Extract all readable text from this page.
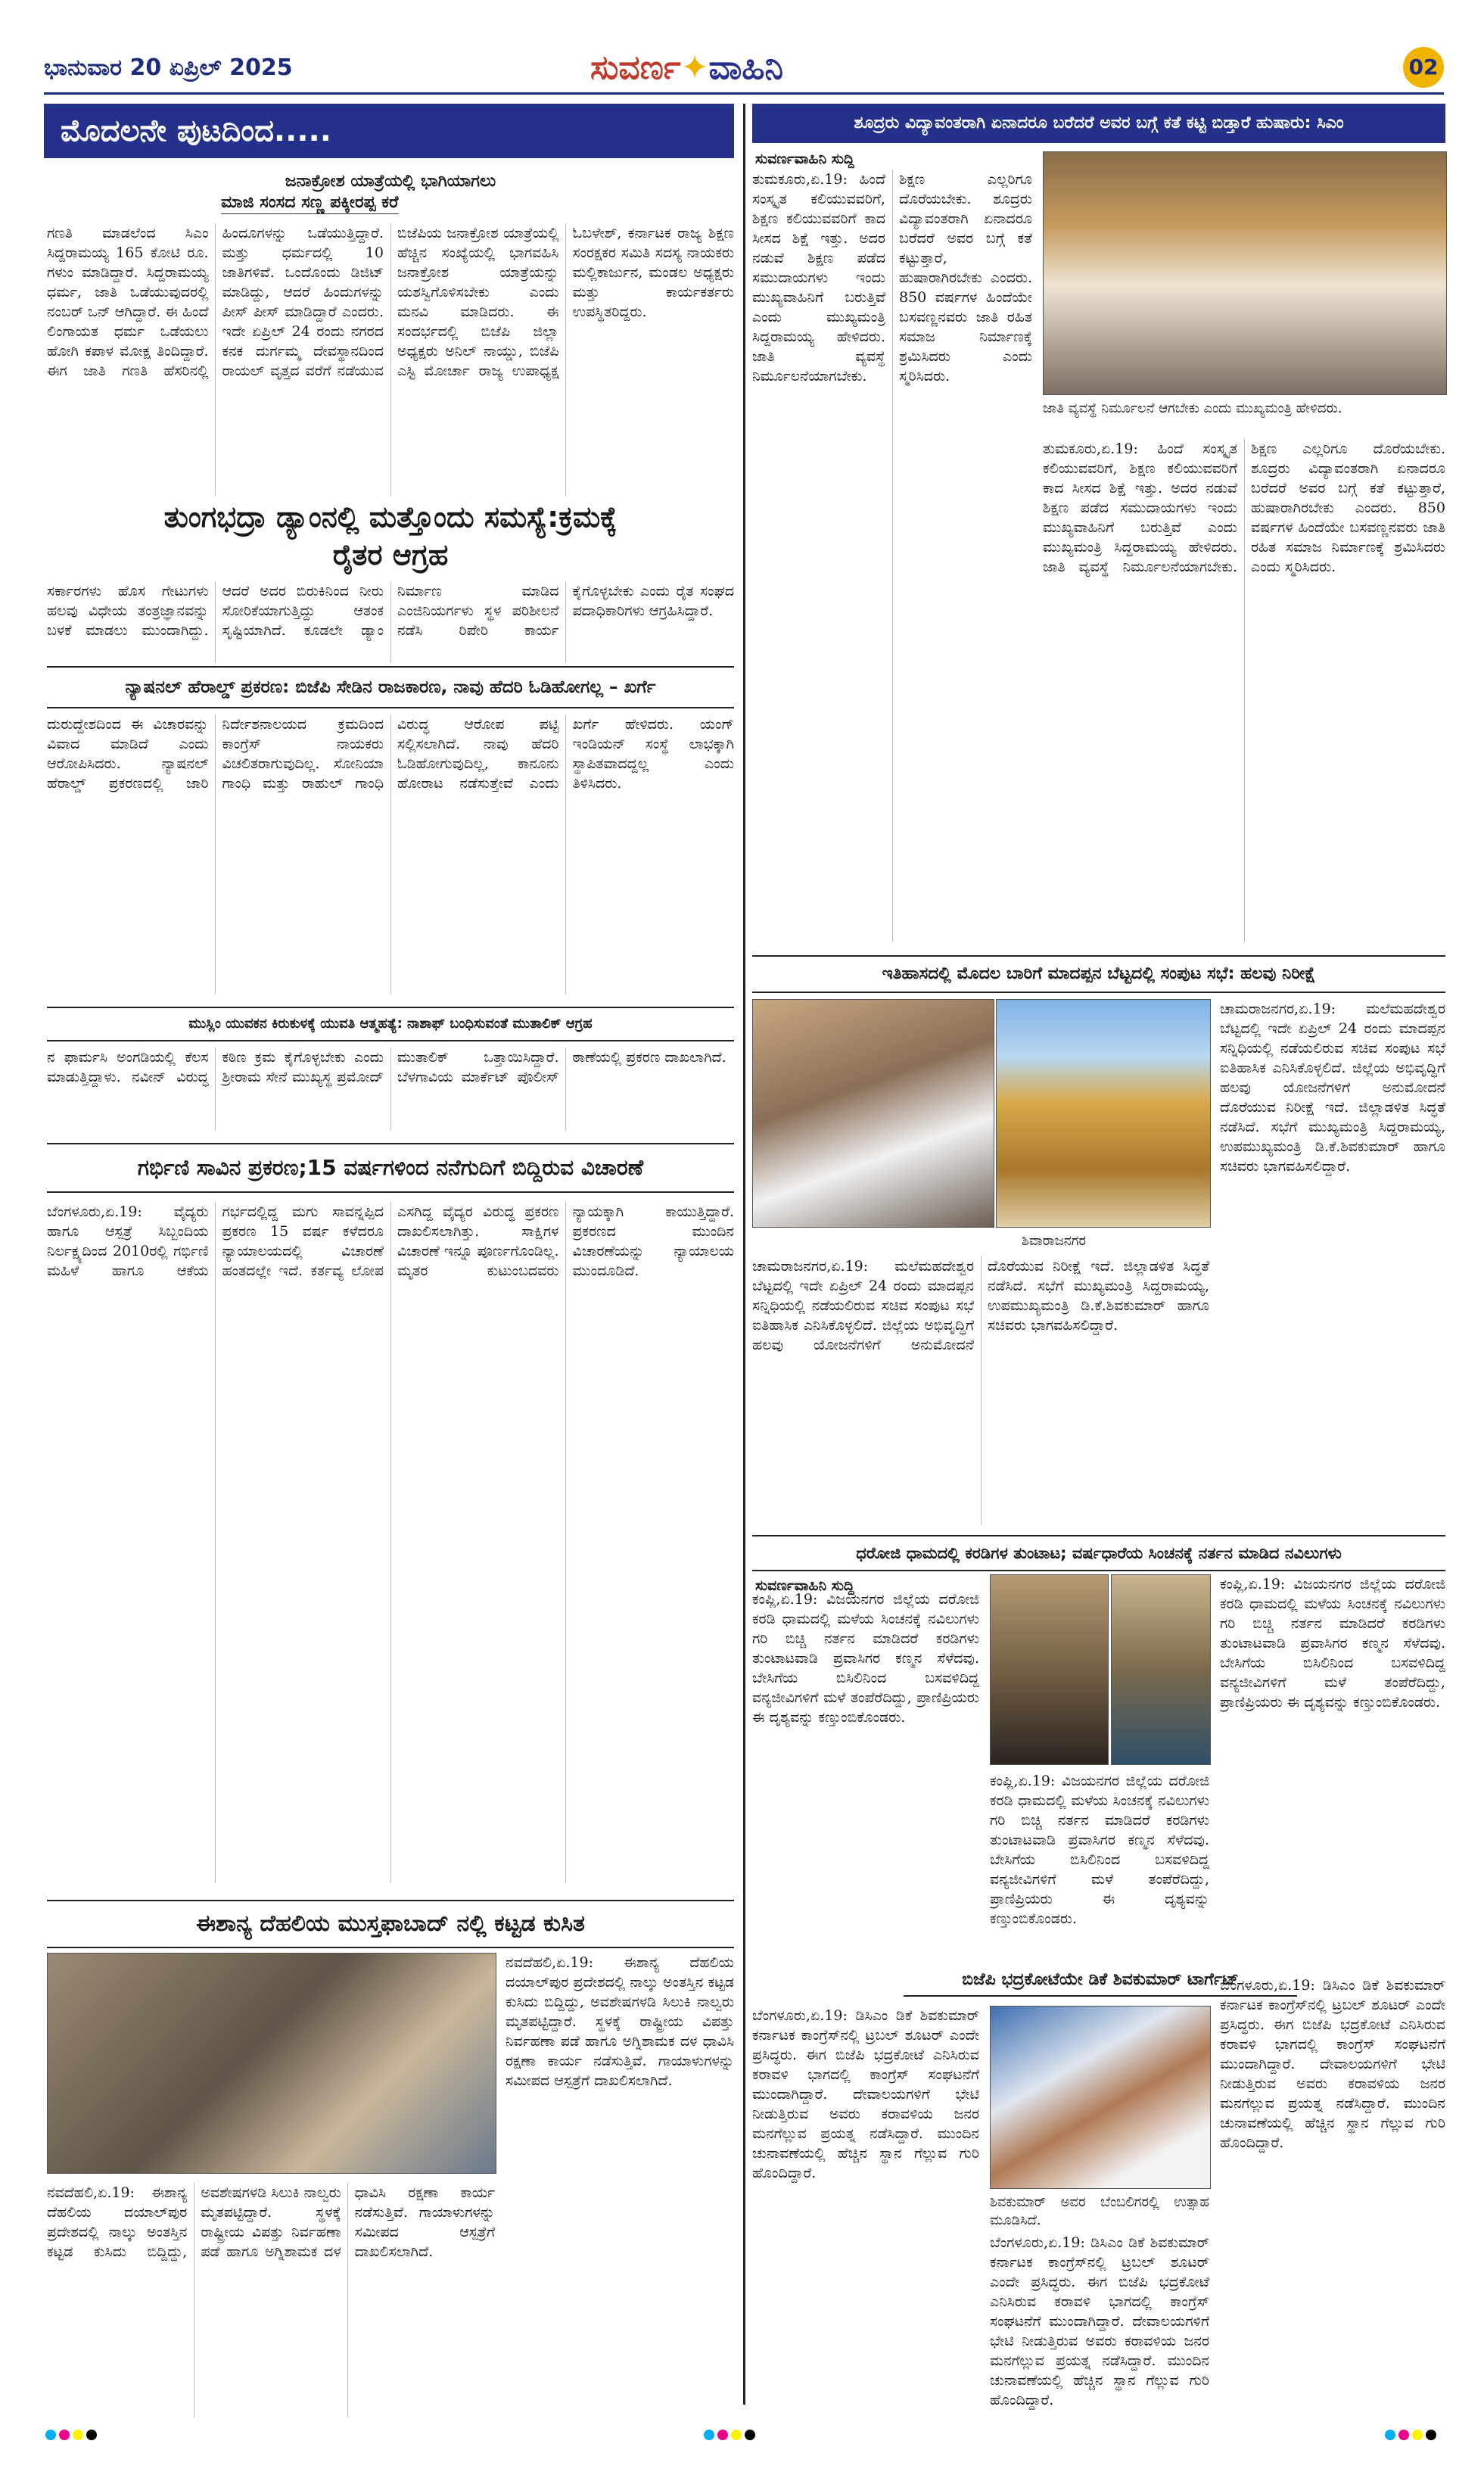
ಭಾನುವಾರ 20 ಏಪ್ರಿಲ್ 2025	ಸುವರ್ಣ✦ವಾಹಿನಿ	02
ಮೊದಲನೇ ಪುಟದಿಂದ.....
ಜನಾಕ್ರೋಶ ಯಾತ್ರೆಯಲ್ಲಿ ಭಾಗಿಯಾಗಲು
ಮಾಜಿ ಸಂಸದ ಸಣ್ಣ ಪಕ್ಕೀರಪ್ಪ ಕರೆ
ಗಣತಿ ಮಾಡಲೆಂದ ಸಿಎಂ ಸಿದ್ದರಾಮಯ್ಯ 165 ಕೋಟಿ ರೂ. ಗಳುಂ ಮಾಡಿದ್ದಾರೆ. ಸಿದ್ದರಾಮಯ್ಯ ಧರ್ಮ, ಜಾತಿ ಒಡೆಯುವುದರಲ್ಲಿ ನಂಬರ್ ಒನ್ ಆಗಿದ್ದಾರೆ. ಈ ಹಿಂದೆ ಲಿಂಗಾಯತ ಧರ್ಮ ಒಡೆಯಲು ಹೋಗಿ ಕಪಾಳ ಮೋಕ್ಷ ತಿಂದಿದ್ದಾರೆ. ಈಗ ಜಾತಿ ಗಣತಿ ಹೆಸರಿನಲ್ಲಿ ಹಿಂದೂಗಳನ್ನು ಒಡೆಯುತ್ತಿದ್ದಾರೆ. ಮತ್ತು ಧರ್ಮದಲ್ಲಿ 10 ಜಾತಿಗಳಿವೆ. ಒಂದೊಂದು ಡಿಜಿಟ್ ಮಾಡಿದ್ದು, ಆದರೆ ಹಿಂದುಗಳನ್ನು ಪೀಸ್ ಪೀಸ್ ಮಾಡಿದ್ದಾರೆ ಎಂದರು. ಇದೇ ಏಪ್ರಿಲ್ 24 ರಂದು ನಗರದ ಕನಕ ದುರ್ಗಮ್ಮ ದೇವಸ್ಥಾನದಿಂದ ರಾಯಲ್ ವೃತ್ತದ ವರೆಗೆ ನಡೆಯುವ ಬಿಜೆಪಿಯ ಜನಾಕ್ರೋಶ ಯಾತ್ರೆಯಲ್ಲಿ ಹೆಚ್ಚಿನ ಸಂಖ್ಯೆಯಲ್ಲಿ ಭಾಗವಹಿಸಿ ಜನಾಕ್ರೋಶ ಯಾತ್ರೆಯನ್ನು ಯಶಸ್ವಿಗೊಳಿಸಬೇಕು ಎಂದು ಮನವಿ ಮಾಡಿದರು. ಈ ಸಂದರ್ಭದಲ್ಲಿ ಬಿಜೆಪಿ ಜಿಲ್ಲಾ ಅಧ್ಯಕ್ಷರು ಅನಿಲ್ ನಾಯ್ಡು, ಬಿಜೆಪಿ ಎಸ್ಟಿ ಮೋರ್ಚಾ ರಾಜ್ಯ ಉಪಾಧ್ಯಕ್ಷ ಓಬಳೇಶ್, ಕರ್ನಾಟಕ ರಾಜ್ಯ ಶಿಕ್ಷಣ ಸಂರಕ್ಷಕರ ಸಮಿತಿ ಸದಸ್ಯ ನಾಯಕರು ಮಲ್ಲಿಕಾರ್ಜುನ, ಮಂಡಲ ಅಧ್ಯಕ್ಷರು ಮತ್ತು ಕಾರ್ಯಕರ್ತರು ಉಪಸ್ಥಿತರಿದ್ದರು.
ತುಂಗಭದ್ರಾ ಡ್ಯಾಂನಲ್ಲಿ ಮತ್ತೊಂದು ಸಮಸ್ಯೆ:ಕ್ರಮಕ್ಕೆ ರೈತರ ಆಗ್ರಹ
ಸರ್ಕಾರಗಳು ಹೊಸ ಗೇಟುಗಳು ಹಲವು ವಿಧೇಯ ತಂತ್ರಜ್ಞಾನವನ್ನು ಬಳಕೆ ಮಾಡಲು ಮುಂದಾಗಿದ್ದು. ಆದರೆ ಅದರ ಬಿರುಕಿನಿಂದ ನೀರು ಸೋರಿಕೆಯಾಗುತ್ತಿದ್ದು ಆತಂಕ ಸೃಷ್ಟಿಯಾಗಿದೆ. ಕೂಡಲೇ ಡ್ಯಾಂ ನಿರ್ಮಾಣ ಮಾಡಿದ ಎಂಜಿನಿಯರ್ಗಳು ಸ್ಥಳ ಪರಿಶೀಲನೆ ನಡೆಸಿ ರಿಪೇರಿ ಕಾರ್ಯ ಕೈಗೊಳ್ಳಬೇಕು ಎಂದು ರೈತ ಸಂಘದ ಪದಾಧಿಕಾರಿಗಳು ಆಗ್ರಹಿಸಿದ್ದಾರೆ.
ನ್ಯಾಷನಲ್ ಹೆರಾಲ್ಡ್ ಪ್ರಕರಣ: ಬಿಜೆಪಿ ಸೇಡಿನ ರಾಜಕಾರಣ, ನಾವು ಹೆದರಿ ಓಡಿಹೋಗಲ್ಲ – ಖರ್ಗೆ
ದುರುದ್ದೇಶದಿಂದ ಈ ವಿಚಾರವನ್ನು ವಿವಾದ ಮಾಡಿದೆ ಎಂದು ಆರೋಪಿಸಿದರು. ನ್ಯಾಷನಲ್ ಹೆರಾಲ್ಡ್ ಪ್ರಕರಣದಲ್ಲಿ ಜಾರಿ ನಿರ್ದೇಶನಾಲಯದ ಕ್ರಮದಿಂದ ಕಾಂಗ್ರೆಸ್ ನಾಯಕರು ವಿಚಲಿತರಾಗುವುದಿಲ್ಲ. ಸೋನಿಯಾ ಗಾಂಧಿ ಮತ್ತು ರಾಹುಲ್ ಗಾಂಧಿ ವಿರುದ್ಧ ಆರೋಪ ಪಟ್ಟಿ ಸಲ್ಲಿಸಲಾಗಿದೆ. ನಾವು ಹೆದರಿ ಓಡಿಹೋಗುವುದಿಲ್ಲ, ಕಾನೂನು ಹೋರಾಟ ನಡೆಸುತ್ತೇವೆ ಎಂದು ಖರ್ಗೆ ಹೇಳಿದರು. ಯಂಗ್ ಇಂಡಿಯನ್ ಸಂಸ್ಥೆ ಲಾಭಕ್ಕಾಗಿ ಸ್ಥಾಪಿತವಾದದ್ದಲ್ಲ ಎಂದು ತಿಳಿಸಿದರು.
ಮುಸ್ಲಿಂ ಯುವಕನ ಕಿರುಕುಳಕ್ಕೆ ಯುವತಿ ಆತ್ಮಹತ್ಯೆ: ನಾಶಾಫ್ ಬಂಧಿಸುವಂತೆ ಮುತಾಲಿಕ್ ಆಗ್ರಹ
ನ ಫಾರ್ಮಸಿ ಅಂಗಡಿಯಲ್ಲಿ ಕೆಲಸ ಮಾಡುತ್ತಿದ್ದಾಳು. ನವೀನ್ ವಿರುದ್ಧ ಕಠಿಣ ಕ್ರಮ ಕೈಗೊಳ್ಳಬೇಕು ಎಂದು ಶ್ರೀರಾಮ ಸೇನೆ ಮುಖ್ಯಸ್ಥ ಪ್ರಮೋದ್ ಮುತಾಲಿಕ್ ಒತ್ತಾಯಿಸಿದ್ದಾರೆ. ಬೆಳಗಾವಿಯ ಮಾರ್ಕೆಟ್ ಪೊಲೀಸ್ ಠಾಣೆಯಲ್ಲಿ ಪ್ರಕರಣ ದಾಖಲಾಗಿದೆ.
ಗರ್ಭಿಣಿ ಸಾವಿನ ಪ್ರಕರಣ;15 ವರ್ಷಗಳಿಂದ ನನೆಗುದಿಗೆ ಬಿದ್ದಿರುವ ವಿಚಾರಣೆ
ಬೆಂಗಳೂರು,ಏ.19: ವೈದ್ಯರು ಹಾಗೂ ಆಸ್ಪತ್ರೆ ಸಿಬ್ಬಂದಿಯ ನಿರ್ಲಕ್ಷ್ಯದಿಂದ 2010ರಲ್ಲಿ ಗರ್ಭಿಣಿ ಮಹಿಳೆ ಹಾಗೂ ಆಕೆಯ ಗರ್ಭದಲ್ಲಿದ್ದ ಮಗು ಸಾವನ್ನಪ್ಪಿದ ಪ್ರಕರಣ 15 ವರ್ಷ ಕಳೆದರೂ ನ್ಯಾಯಾಲಯದಲ್ಲಿ ವಿಚಾರಣೆ ಹಂತದಲ್ಲೇ ಇದೆ. ಕರ್ತವ್ಯ ಲೋಪ ಎಸಗಿದ್ದ ವೈದ್ಯರ ವಿರುದ್ಧ ಪ್ರಕರಣ ದಾಖಲಿಸಲಾಗಿತ್ತು. ಸಾಕ್ಷಿಗಳ ವಿಚಾರಣೆ ಇನ್ನೂ ಪೂರ್ಣಗೊಂಡಿಲ್ಲ. ಮೃತರ ಕುಟುಂಬದವರು ನ್ಯಾಯಕ್ಕಾಗಿ ಕಾಯುತ್ತಿದ್ದಾರೆ. ಪ್ರಕರಣದ ಮುಂದಿನ ವಿಚಾರಣೆಯನ್ನು ನ್ಯಾಯಾಲಯ ಮುಂದೂಡಿದೆ.
ಈಶಾನ್ಯ ದೆಹಲಿಯ ಮುಸ್ತಫಾಬಾದ್ ನಲ್ಲಿ ಕಟ್ಟಡ ಕುಸಿತ
ನವದೆಹಲಿ,ಏ.19: ಈಶಾನ್ಯ ದೆಹಲಿಯ ದಯಾಲ್‌ಪುರ ಪ್ರದೇಶದಲ್ಲಿ ನಾಲ್ಕು ಅಂತಸ್ತಿನ ಕಟ್ಟಡ ಕುಸಿದು ಬಿದ್ದಿದ್ದು, ಅವಶೇಷಗಳಡಿ ಸಿಲುಕಿ ನಾಲ್ವರು ಮೃತಪಟ್ಟಿದ್ದಾರೆ. ಸ್ಥಳಕ್ಕೆ ರಾಷ್ಟ್ರೀಯ ವಿಪತ್ತು ನಿರ್ವಹಣಾ ಪಡೆ ಹಾಗೂ ಅಗ್ನಿಶಾಮಕ ದಳ ಧಾವಿಸಿ ರಕ್ಷಣಾ ಕಾರ್ಯ ನಡೆಸುತ್ತಿವೆ. ಗಾಯಾಳುಗಳನ್ನು ಸಮೀಪದ ಆಸ್ಪತ್ರೆಗೆ ದಾಖಲಿಸಲಾಗಿದೆ.
ನವದೆಹಲಿ,ಏ.19: ಈಶಾನ್ಯ ದೆಹಲಿಯ ದಯಾಲ್‌ಪುರ ಪ್ರದೇಶದಲ್ಲಿ ನಾಲ್ಕು ಅಂತಸ್ತಿನ ಕಟ್ಟಡ ಕುಸಿದು ಬಿದ್ದಿದ್ದು, ಅವಶೇಷಗಳಡಿ ಸಿಲುಕಿ ನಾಲ್ವರು ಮೃತಪಟ್ಟಿದ್ದಾರೆ. ಸ್ಥಳಕ್ಕೆ ರಾಷ್ಟ್ರೀಯ ವಿಪತ್ತು ನಿರ್ವಹಣಾ ಪಡೆ ಹಾಗೂ ಅಗ್ನಿಶಾಮಕ ದಳ ಧಾವಿಸಿ ರಕ್ಷಣಾ ಕಾರ್ಯ ನಡೆಸುತ್ತಿವೆ. ಗಾಯಾಳುಗಳನ್ನು ಸಮೀಪದ ಆಸ್ಪತ್ರೆಗೆ ದಾಖಲಿಸಲಾಗಿದೆ.
ಶೂದ್ರರು ವಿದ್ಯಾವಂತರಾಗಿ ಏನಾದರೂ ಬರೆದರೆ ಅವರ ಬಗ್ಗೆ ಕತೆ ಕಟ್ಟಿ ಬಿಡ್ತಾರೆ ಹುಷಾರು: ಸಿಎಂ
ಸುವರ್ಣವಾಹಿನಿ ಸುದ್ದಿ
ತುಮಕೂರು,ಏ.19: ಹಿಂದೆ ಸಂಸ್ಕೃತ ಕಲಿಯುವವರಿಗೆ, ಶಿಕ್ಷಣ ಕಲಿಯುವವರಿಗೆ ಕಾದ ಸೀಸದ ಶಿಕ್ಷೆ ಇತ್ತು. ಅದರ ನಡುವೆ ಶಿಕ್ಷಣ ಪಡೆದ ಸಮುದಾಯಗಳು ಇಂದು ಮುಖ್ಯವಾಹಿನಿಗೆ ಬರುತ್ತಿವೆ ಎಂದು ಮುಖ್ಯಮಂತ್ರಿ ಸಿದ್ದರಾಮಯ್ಯ ಹೇಳಿದರು. ಜಾತಿ ವ್ಯವಸ್ಥೆ ನಿರ್ಮೂಲನೆಯಾಗಬೇಕು. ಶಿಕ್ಷಣ ಎಲ್ಲರಿಗೂ ದೊರೆಯಬೇಕು. ಶೂದ್ರರು ವಿದ್ಯಾವಂತರಾಗಿ ಏನಾದರೂ ಬರೆದರೆ ಅವರ ಬಗ್ಗೆ ಕತೆ ಕಟ್ಟುತ್ತಾರೆ, ಹುಷಾರಾಗಿರಬೇಕು ಎಂದರು. 850 ವರ್ಷಗಳ ಹಿಂದೆಯೇ ಬಸವಣ್ಣನವರು ಜಾತಿ ರಹಿತ ಸಮಾಜ ನಿರ್ಮಾಣಕ್ಕೆ ಶ್ರಮಿಸಿದರು ಎಂದು ಸ್ಮರಿಸಿದರು.
ಜಾತಿ ವ್ಯವಸ್ಥೆ ನಿರ್ಮೂಲನೆ ಆಗಬೇಕು ಎಂದು ಮುಖ್ಯಮಂತ್ರಿ ಹೇಳಿದರು.
ತುಮಕೂರು,ಏ.19: ಹಿಂದೆ ಸಂಸ್ಕೃತ ಕಲಿಯುವವರಿಗೆ, ಶಿಕ್ಷಣ ಕಲಿಯುವವರಿಗೆ ಕಾದ ಸೀಸದ ಶಿಕ್ಷೆ ಇತ್ತು. ಅದರ ನಡುವೆ ಶಿಕ್ಷಣ ಪಡೆದ ಸಮುದಾಯಗಳು ಇಂದು ಮುಖ್ಯವಾಹಿನಿಗೆ ಬರುತ್ತಿವೆ ಎಂದು ಮುಖ್ಯಮಂತ್ರಿ ಸಿದ್ದರಾಮಯ್ಯ ಹೇಳಿದರು. ಜಾತಿ ವ್ಯವಸ್ಥೆ ನಿರ್ಮೂಲನೆಯಾಗಬೇಕು. ಶಿಕ್ಷಣ ಎಲ್ಲರಿಗೂ ದೊರೆಯಬೇಕು. ಶೂದ್ರರು ವಿದ್ಯಾವಂತರಾಗಿ ಏನಾದರೂ ಬರೆದರೆ ಅವರ ಬಗ್ಗೆ ಕತೆ ಕಟ್ಟುತ್ತಾರೆ, ಹುಷಾರಾಗಿರಬೇಕು ಎಂದರು. 850 ವರ್ಷಗಳ ಹಿಂದೆಯೇ ಬಸವಣ್ಣನವರು ಜಾತಿ ರಹಿತ ಸಮಾಜ ನಿರ್ಮಾಣಕ್ಕೆ ಶ್ರಮಿಸಿದರು ಎಂದು ಸ್ಮರಿಸಿದರು.
ಇತಿಹಾಸದಲ್ಲಿ ಮೊದಲ ಬಾರಿಗೆ ಮಾದಪ್ಪನ ಬೆಟ್ಟದಲ್ಲಿ ಸಂಪುಟ ಸಭೆ: ಹಲವು ನಿರೀಕ್ಷೆ
ಶಿವಾರಾಜನಗರ
ಚಾಮರಾಜನಗರ,ಏ.19: ಮಲೆಮಹದೇಶ್ವರ ಬೆಟ್ಟದಲ್ಲಿ ಇದೇ ಏಪ್ರಿಲ್ 24 ರಂದು ಮಾದಪ್ಪನ ಸನ್ನಿಧಿಯಲ್ಲಿ ನಡೆಯಲಿರುವ ಸಚಿವ ಸಂಪುಟ ಸಭೆ ಐತಿಹಾಸಿಕ ಎನಿಸಿಕೊಳ್ಳಲಿದೆ. ಜಿಲ್ಲೆಯ ಅಭಿವೃದ್ಧಿಗೆ ಹಲವು ಯೋಜನೆಗಳಿಗೆ ಅನುಮೋದನೆ ದೊರೆಯುವ ನಿರೀಕ್ಷೆ ಇದೆ. ಜಿಲ್ಲಾಡಳಿತ ಸಿದ್ಧತೆ ನಡೆಸಿದೆ. ಸಭೆಗೆ ಮುಖ್ಯಮಂತ್ರಿ ಸಿದ್ದರಾಮಯ್ಯ, ಉಪಮುಖ್ಯಮಂತ್ರಿ ಡಿ.ಕೆ.ಶಿವಕುಮಾರ್ ಹಾಗೂ ಸಚಿವರು ಭಾಗವಹಿಸಲಿದ್ದಾರೆ.
ಚಾಮರಾಜನಗರ,ಏ.19: ಮಲೆಮಹದೇಶ್ವರ ಬೆಟ್ಟದಲ್ಲಿ ಇದೇ ಏಪ್ರಿಲ್ 24 ರಂದು ಮಾದಪ್ಪನ ಸನ್ನಿಧಿಯಲ್ಲಿ ನಡೆಯಲಿರುವ ಸಚಿವ ಸಂಪುಟ ಸಭೆ ಐತಿಹಾಸಿಕ ಎನಿಸಿಕೊಳ್ಳಲಿದೆ. ಜಿಲ್ಲೆಯ ಅಭಿವೃದ್ಧಿಗೆ ಹಲವು ಯೋಜನೆಗಳಿಗೆ ಅನುಮೋದನೆ ದೊರೆಯುವ ನಿರೀಕ್ಷೆ ಇದೆ. ಜಿಲ್ಲಾಡಳಿತ ಸಿದ್ಧತೆ ನಡೆಸಿದೆ. ಸಭೆಗೆ ಮುಖ್ಯಮಂತ್ರಿ ಸಿದ್ದರಾಮಯ್ಯ, ಉಪಮುಖ್ಯಮಂತ್ರಿ ಡಿ.ಕೆ.ಶಿವಕುಮಾರ್ ಹಾಗೂ ಸಚಿವರು ಭಾಗವಹಿಸಲಿದ್ದಾರೆ.
ಧರೋಜಿ ಧಾಮದಲ್ಲಿ ಕರಡಿಗಳ ತುಂಟಾಟ; ವರ್ಷಧಾರೆಯ ಸಿಂಚನಕ್ಕೆ ನರ್ತನ ಮಾಡಿದ ನವಿಲುಗಳು
ಸುವರ್ಣವಾಹಿನಿ ಸುದ್ದಿ
ಕಂಪ್ಲಿ,ಏ.19: ವಿಜಯನಗರ ಜಿಲ್ಲೆಯ ದರೋಜಿ ಕರಡಿ ಧಾಮದಲ್ಲಿ ಮಳೆಯ ಸಿಂಚನಕ್ಕೆ ನವಿಲುಗಳು ಗರಿ ಬಿಚ್ಚಿ ನರ್ತನ ಮಾಡಿದರೆ ಕರಡಿಗಳು ತುಂಟಾಟವಾಡಿ ಪ್ರವಾಸಿಗರ ಕಣ್ಮನ ಸೆಳೆದವು. ಬೇಸಿಗೆಯ ಬಿಸಿಲಿನಿಂದ ಬಸವಳಿದಿದ್ದ ವನ್ಯಜೀವಿಗಳಿಗೆ ಮಳೆ ತಂಪೆರೆದಿದ್ದು, ಪ್ರಾಣಿಪ್ರಿಯರು ಈ ದೃಶ್ಯವನ್ನು ಕಣ್ತುಂಬಿಕೊಂಡರು.
ಕಂಪ್ಲಿ,ಏ.19: ವಿಜಯನಗರ ಜಿಲ್ಲೆಯ ದರೋಜಿ ಕರಡಿ ಧಾಮದಲ್ಲಿ ಮಳೆಯ ಸಿಂಚನಕ್ಕೆ ನವಿಲುಗಳು ಗರಿ ಬಿಚ್ಚಿ ನರ್ತನ ಮಾಡಿದರೆ ಕರಡಿಗಳು ತುಂಟಾಟವಾಡಿ ಪ್ರವಾಸಿಗರ ಕಣ್ಮನ ಸೆಳೆದವು. ಬೇಸಿಗೆಯ ಬಿಸಿಲಿನಿಂದ ಬಸವಳಿದಿದ್ದ ವನ್ಯಜೀವಿಗಳಿಗೆ ಮಳೆ ತಂಪೆರೆದಿದ್ದು, ಪ್ರಾಣಿಪ್ರಿಯರು ಈ ದೃಶ್ಯವನ್ನು ಕಣ್ತುಂಬಿಕೊಂಡರು.
ಕಂಪ್ಲಿ,ಏ.19: ವಿಜಯನಗರ ಜಿಲ್ಲೆಯ ದರೋಜಿ ಕರಡಿ ಧಾಮದಲ್ಲಿ ಮಳೆಯ ಸಿಂಚನಕ್ಕೆ ನವಿಲುಗಳು ಗರಿ ಬಿಚ್ಚಿ ನರ್ತನ ಮಾಡಿದರೆ ಕರಡಿಗಳು ತುಂಟಾಟವಾಡಿ ಪ್ರವಾಸಿಗರ ಕಣ್ಮನ ಸೆಳೆದವು. ಬೇಸಿಗೆಯ ಬಿಸಿಲಿನಿಂದ ಬಸವಳಿದಿದ್ದ ವನ್ಯಜೀವಿಗಳಿಗೆ ಮಳೆ ತಂಪೆರೆದಿದ್ದು, ಪ್ರಾಣಿಪ್ರಿಯರು ಈ ದೃಶ್ಯವನ್ನು ಕಣ್ತುಂಬಿಕೊಂಡರು.
ಬಿಜೆಪಿ ಭದ್ರಕೋಟೆಯೇ ಡಿಕೆ ಶಿವಕುಮಾರ್ ಟಾರ್ಗೆಟ್
ಬೆಂಗಳೂರು,ಏ.19: ಡಿಸಿಎಂ ಡಿಕೆ ಶಿವಕುಮಾರ್ ಕರ್ನಾಟಕ ಕಾಂಗ್ರೆಸ್‌ನಲ್ಲಿ ಟ್ರಬಲ್ ಶೂಟರ್ ಎಂದೇ ಪ್ರಸಿದ್ಧರು. ಈಗ ಬಿಜೆಪಿ ಭದ್ರಕೋಟೆ ಎನಿಸಿರುವ ಕರಾವಳಿ ಭಾಗದಲ್ಲಿ ಕಾಂಗ್ರೆಸ್ ಸಂಘಟನೆಗೆ ಮುಂದಾಗಿದ್ದಾರೆ. ದೇವಾಲಯಗಳಿಗೆ ಭೇಟಿ ನೀಡುತ್ತಿರುವ ಅವರು ಕರಾವಳಿಯ ಜನರ ಮನಗೆಲ್ಲುವ ಪ್ರಯತ್ನ ನಡೆಸಿದ್ದಾರೆ. ಮುಂದಿನ ಚುನಾವಣೆಯಲ್ಲಿ ಹೆಚ್ಚಿನ ಸ್ಥಾನ ಗೆಲ್ಲುವ ಗುರಿ ಹೊಂದಿದ್ದಾರೆ.
ಶಿವಕುಮಾರ್ ಅವರ ಬೆಂಬಲಿಗರಲ್ಲಿ ಉತ್ಸಾಹ ಮೂಡಿಸಿದೆ.
ಬೆಂಗಳೂರು,ಏ.19: ಡಿಸಿಎಂ ಡಿಕೆ ಶಿವಕುಮಾರ್ ಕರ್ನಾಟಕ ಕಾಂಗ್ರೆಸ್‌ನಲ್ಲಿ ಟ್ರಬಲ್ ಶೂಟರ್ ಎಂದೇ ಪ್ರಸಿದ್ಧರು. ಈಗ ಬಿಜೆಪಿ ಭದ್ರಕೋಟೆ ಎನಿಸಿರುವ ಕರಾವಳಿ ಭಾಗದಲ್ಲಿ ಕಾಂಗ್ರೆಸ್ ಸಂಘಟನೆಗೆ ಮುಂದಾಗಿದ್ದಾರೆ. ದೇವಾಲಯಗಳಿಗೆ ಭೇಟಿ ನೀಡುತ್ತಿರುವ ಅವರು ಕರಾವಳಿಯ ಜನರ ಮನಗೆಲ್ಲುವ ಪ್ರಯತ್ನ ನಡೆಸಿದ್ದಾರೆ. ಮುಂದಿನ ಚುನಾವಣೆಯಲ್ಲಿ ಹೆಚ್ಚಿನ ಸ್ಥಾನ ಗೆಲ್ಲುವ ಗುರಿ ಹೊಂದಿದ್ದಾರೆ.
ಬೆಂಗಳೂರು,ಏ.19: ಡಿಸಿಎಂ ಡಿಕೆ ಶಿವಕುಮಾರ್ ಕರ್ನಾಟಕ ಕಾಂಗ್ರೆಸ್‌ನಲ್ಲಿ ಟ್ರಬಲ್ ಶೂಟರ್ ಎಂದೇ ಪ್ರಸಿದ್ಧರು. ಈಗ ಬಿಜೆಪಿ ಭದ್ರಕೋಟೆ ಎನಿಸಿರುವ ಕರಾವಳಿ ಭಾಗದಲ್ಲಿ ಕಾಂಗ್ರೆಸ್ ಸಂಘಟನೆಗೆ ಮುಂದಾಗಿದ್ದಾರೆ. ದೇವಾಲಯಗಳಿಗೆ ಭೇಟಿ ನೀಡುತ್ತಿರುವ ಅವರು ಕರಾವಳಿಯ ಜನರ ಮನಗೆಲ್ಲುವ ಪ್ರಯತ್ನ ನಡೆಸಿದ್ದಾರೆ. ಮುಂದಿನ ಚುನಾವಣೆಯಲ್ಲಿ ಹೆಚ್ಚಿನ ಸ್ಥಾನ ಗೆಲ್ಲುವ ಗುರಿ ಹೊಂದಿದ್ದಾರೆ.
